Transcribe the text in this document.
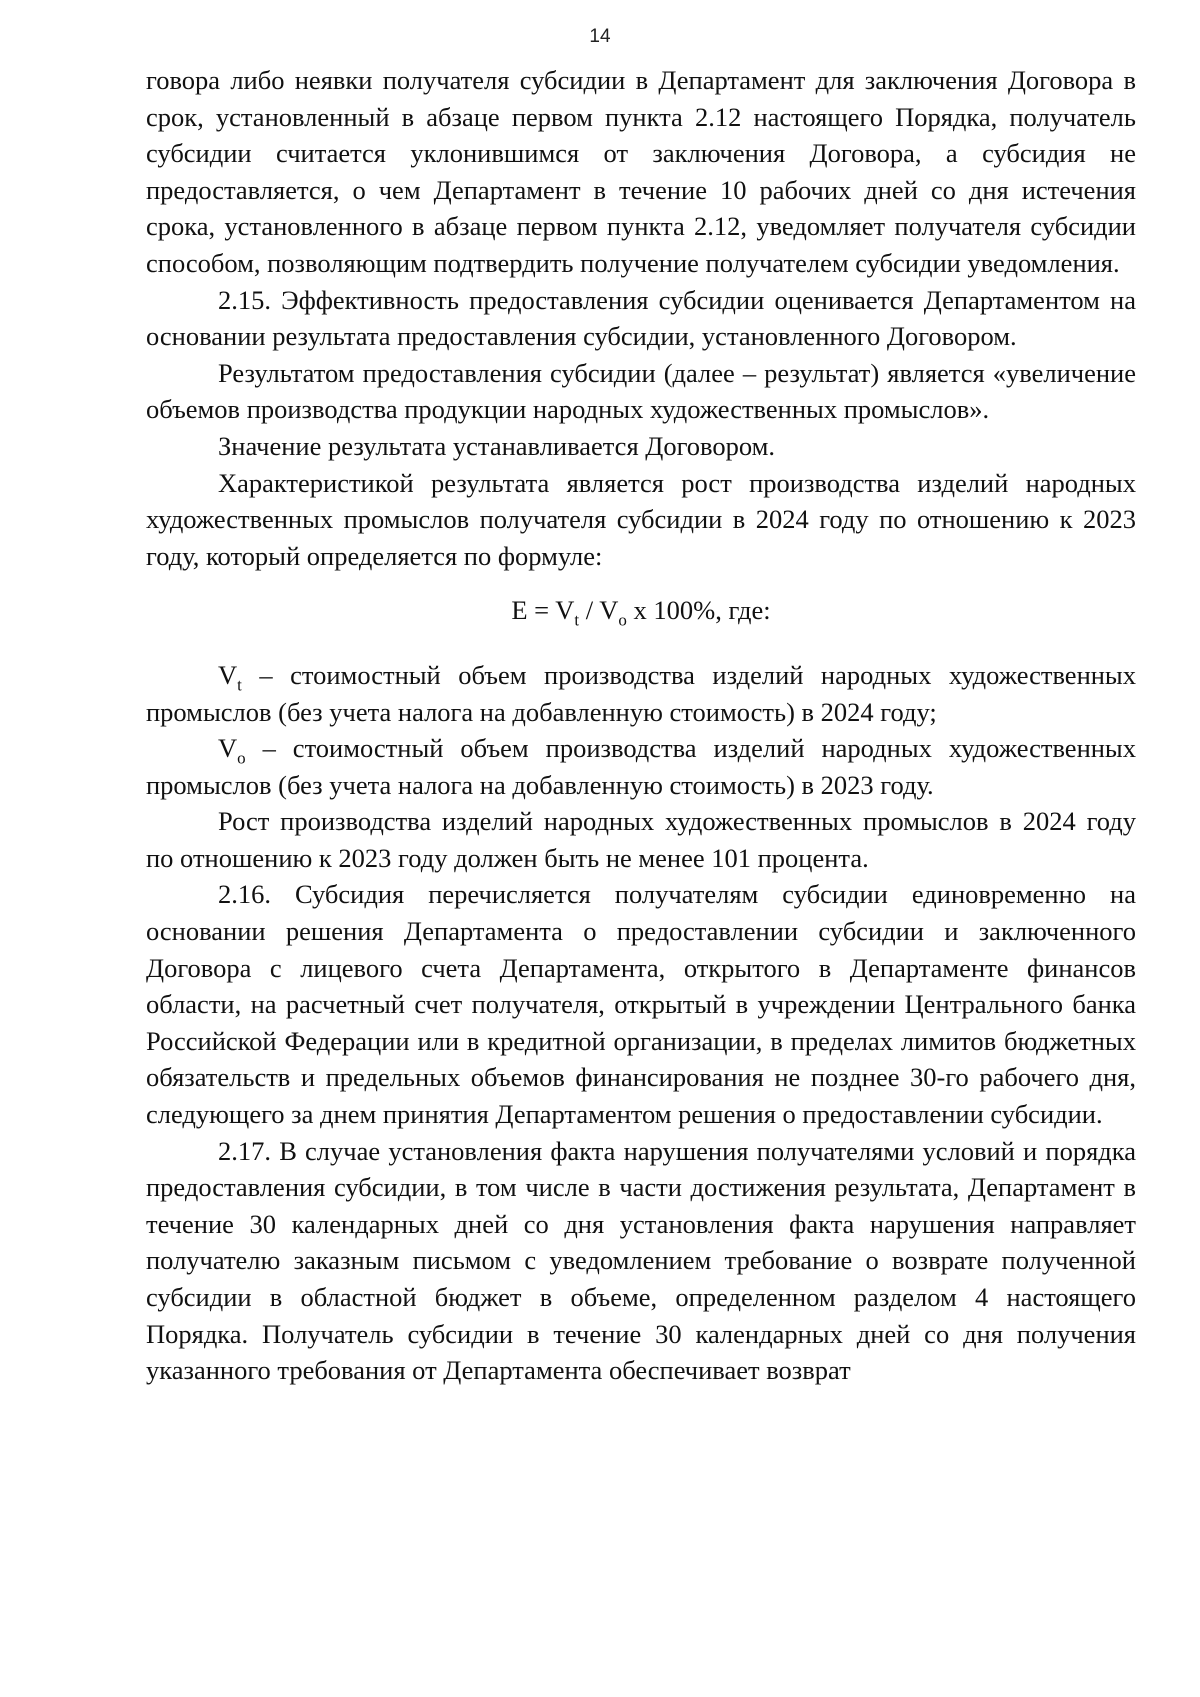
14

говора либо неявки получателя субсидии в Департамент для заключения Договора в срок, установленный в абзаце первом пункта 2.12 настоящего Порядка, получатель субсидии считается уклонившимся от заключения Договора, а субсидия не предоставляется, о чем Департамент в течение 10 рабочих дней со дня истечения срока, установленного в абзаце первом пункта 2.12, уведомляет получателя субсидии способом, позволяющим подтвердить получение получателем субсидии уведомления.

2.15. Эффективность предоставления субсидии оценивается Департаментом на основании результата предоставления субсидии, установленного Договором.

Результатом предоставления субсидии (далее – результат) является «увеличение объемов производства продукции народных художественных промыслов».

Значение результата устанавливается Договором.

Характеристикой результата является рост производства изделий народных художественных промыслов получателя субсидии в 2024 году по отношению к 2023 году, который определяется по формуле:

$E = V_t / V_o$ x 100%, где:

$V_t$ – стоимостный объем производства изделий народных художественных промыслов (без учета налога на добавленную стоимость) в 2024 году;

$V_o$ – стоимостный объем производства изделий народных художественных промыслов (без учета налога на добавленную стоимость) в 2023 году.

Рост производства изделий народных художественных промыслов в 2024 году по отношению к 2023 году должен быть не менее 101 процента.

2.16. Субсидия перечисляется получателям субсидии единовременно на основании решения Департамента о предоставлении субсидии и заключенного Договора с лицевого счета Департамента, открытого в Департаменте финансов области, на расчетный счет получателя, открытый в учреждении Центрального банка Российской Федерации или в кредитной организации, в пределах лимитов бюджетных обязательств и предельных объемов финансирования не позднее 30-го рабочего дня, следующего за днем принятия Департаментом решения о предоставлении субсидии.

2.17. В случае установления факта нарушения получателями условий и порядка предоставления субсидии, в том числе в части достижения результата, Департамент в течение 30 календарных дней со дня установления факта нарушения направляет получателю заказным письмом с уведомлением требование о возврате полученной субсидии в областной бюджет в объеме, определенном разделом 4 настоящего Порядка. Получатель субсидии в течение 30 календарных дней со дня получения указанного требования от Департамента обеспечивает возврат
